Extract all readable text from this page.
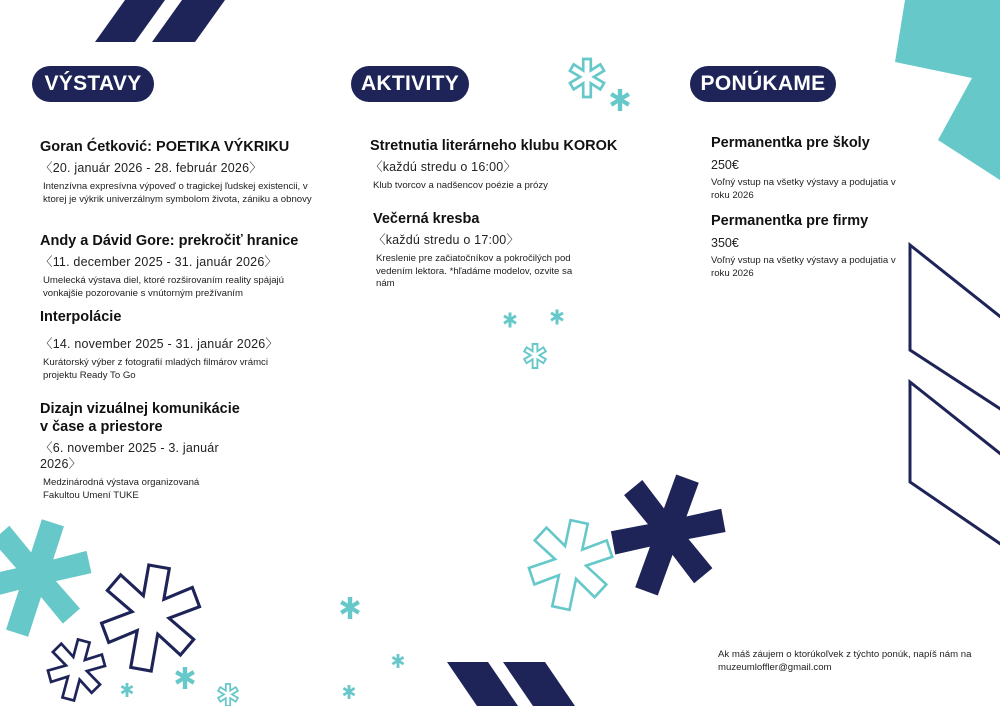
VÝSTAVY	AKTIVITY	PONÚKAME
Goran Ćetković: POETIKA VÝKRIKU
〈20. január 2026 - 28. február 2026〉
Intenzívna expresívna výpoveď o tragickej ľudskej existencii, v ktorej je výkrik univerzálnym symbolom života, zániku a obnovy
Andy a Dávid Gore: prekročiť hranice
〈11. december 2025 - 31. január 2026〉
Umelecká výstava diel, ktoré rozširovaním reality spájajú vonkajšie pozorovanie s vnútorným prežívaním
Interpolácie
〈14. november 2025 - 31. január 2026〉
Kurátorský výber z fotografií mladých filmárov vrámci projektu Ready To Go
Dizajn vizuálnej komunikácie v čase a priestore
〈6. november 2025 - 3. január 2026〉
Medzinárodná výstava organizovaná Fakultou Umení TUKE
Stretnutia literárneho klubu KOROK
〈každú stredu o 16:00〉
Klub tvorcov a nadšencov poézie a prózy
Večerná kresba
〈každú stredu o 17:00〉
Kreslenie pre začiatočníkov a pokročilých pod vedením lektora. *hľadáme modelov, ozvite sa nám
Permanentka pre školy
250€
Voľný vstup na všetky výstavy a podujatia v roku 2026
Permanentka pre firmy
350€
Voľný vstup na všetky výstavy a podujatia v roku 2026
Ak máš záujem o ktorúkoľvek z týchto ponúk, napíš nám na muzeumloffler@gmail.com
